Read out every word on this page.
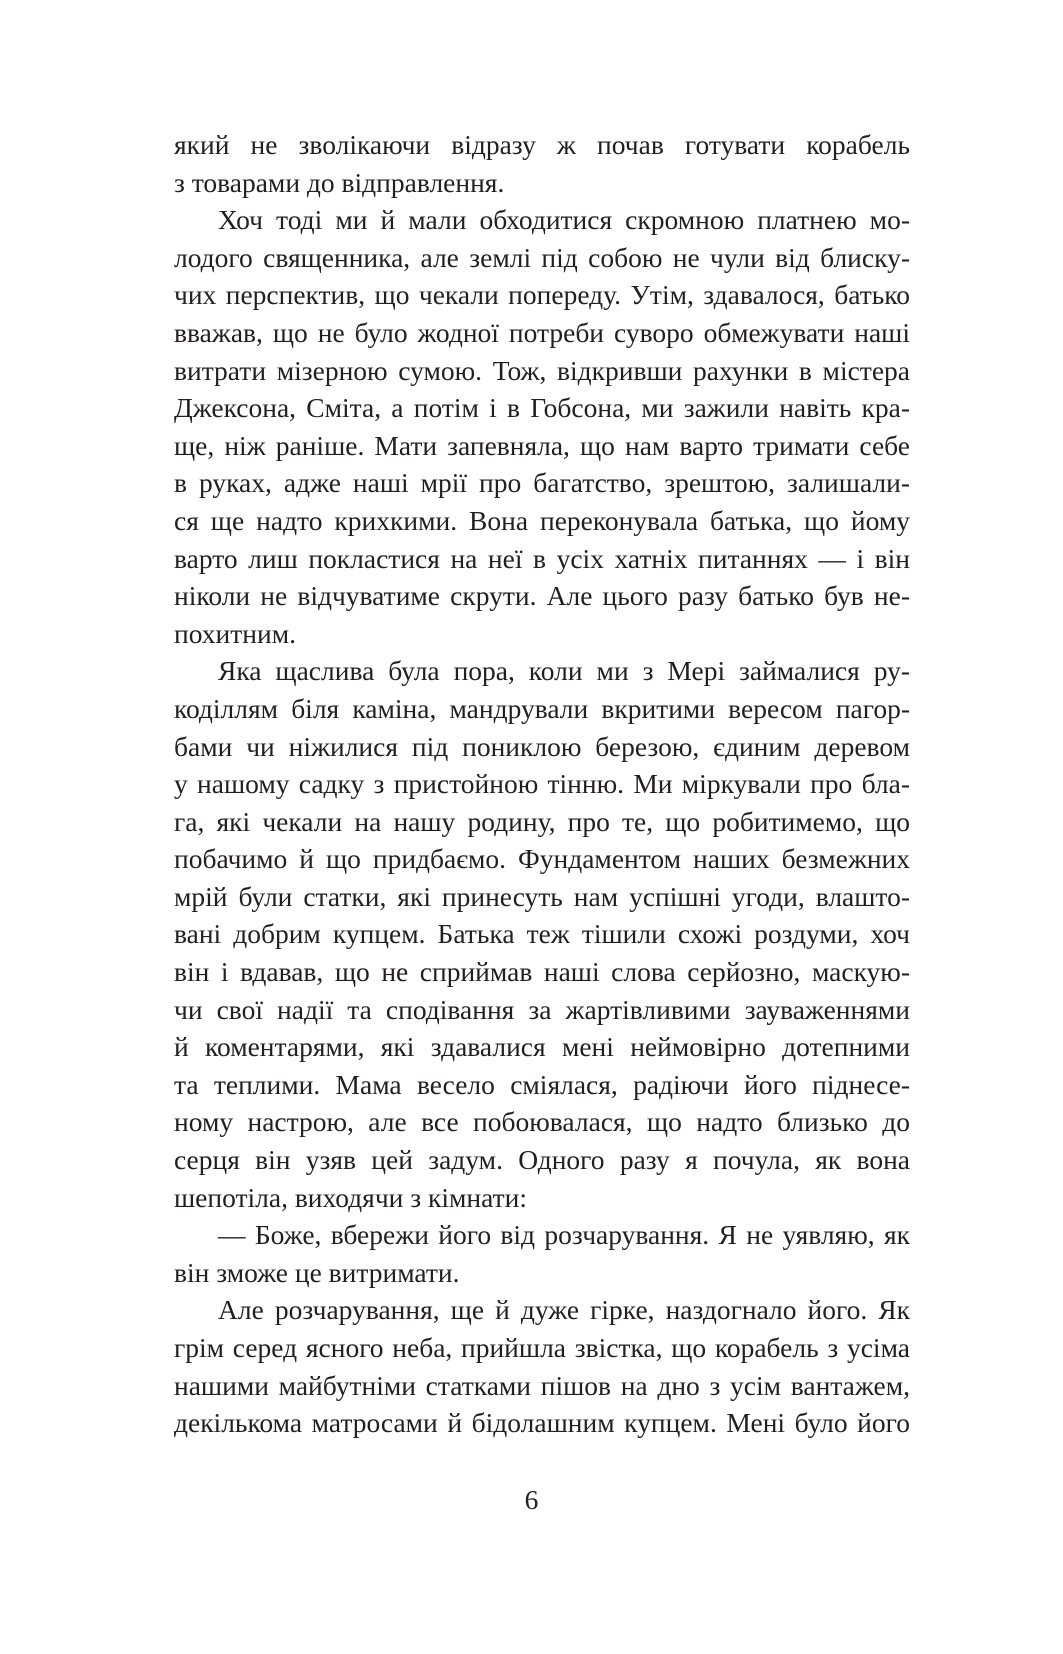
який не зволікаючи відразу ж почав готувати корабель
з товарами до відправлення.
Хоч тоді ми й мали обходитися скромною платнею мо-
лодого священника, але землі під собою не чули від блиску-
чих перспектив, що чекали попереду. Утім, здавалося, батько
вважав, що не було жодної потреби суворо обмежувати наші
витрати мізерною сумою. Тож, відкривши рахунки в містера
Джексона, Сміта, а потім і в Гобсона, ми зажили навіть кра-
ще, ніж раніше. Мати запевняла, що нам варто тримати себе
в руках, адже наші мрії про багатство, зрештою, залишали-
ся ще надто крихкими. Вона переконувала батька, що йому
варто лиш покластися на неї в усіх хатніх питаннях — і він
ніколи не відчуватиме скрути. Але цього разу батько був не-
похитним.
Яка щаслива була пора, коли ми з Мері займалися ру-
коділлям біля каміна, мандрували вкритими вересом пагор-
бами чи ніжилися під пониклою березою, єдиним деревом
у нашому садку з пристойною тінню. Ми міркували про бла-
га, які чекали на нашу родину, про те, що робитимемо, що
побачимо й що придбаємо. Фундаментом наших безмежних
мрій були статки, які принесуть нам успішні угоди, влашто-
вані добрим купцем. Батька теж тішили схожі роздуми, хоч
він і вдавав, що не сприймав наші слова серйозно, маскую-
чи свої надії та сподівання за жартівливими зауваженнями
й коментарями, які здавалися мені неймовірно дотепними
та теплими. Мама весело сміялася, радіючи його піднесе-
ному настрою, але все побоювалася, що надто близько до
серця він узяв цей задум. Одного разу я почула, як вона
шепотіла, виходячи з кімнати:
— Боже, вбережи його від розчарування. Я не уявляю, як
він зможе це витримати.
Але розчарування, ще й дуже гірке, наздогнало його. Як
грім серед ясного неба, прийшла звістка, що корабель з усіма
нашими майбутніми статками пішов на дно з усім вантажем,
декількома матросами й бідолашним купцем. Мені було його
6
